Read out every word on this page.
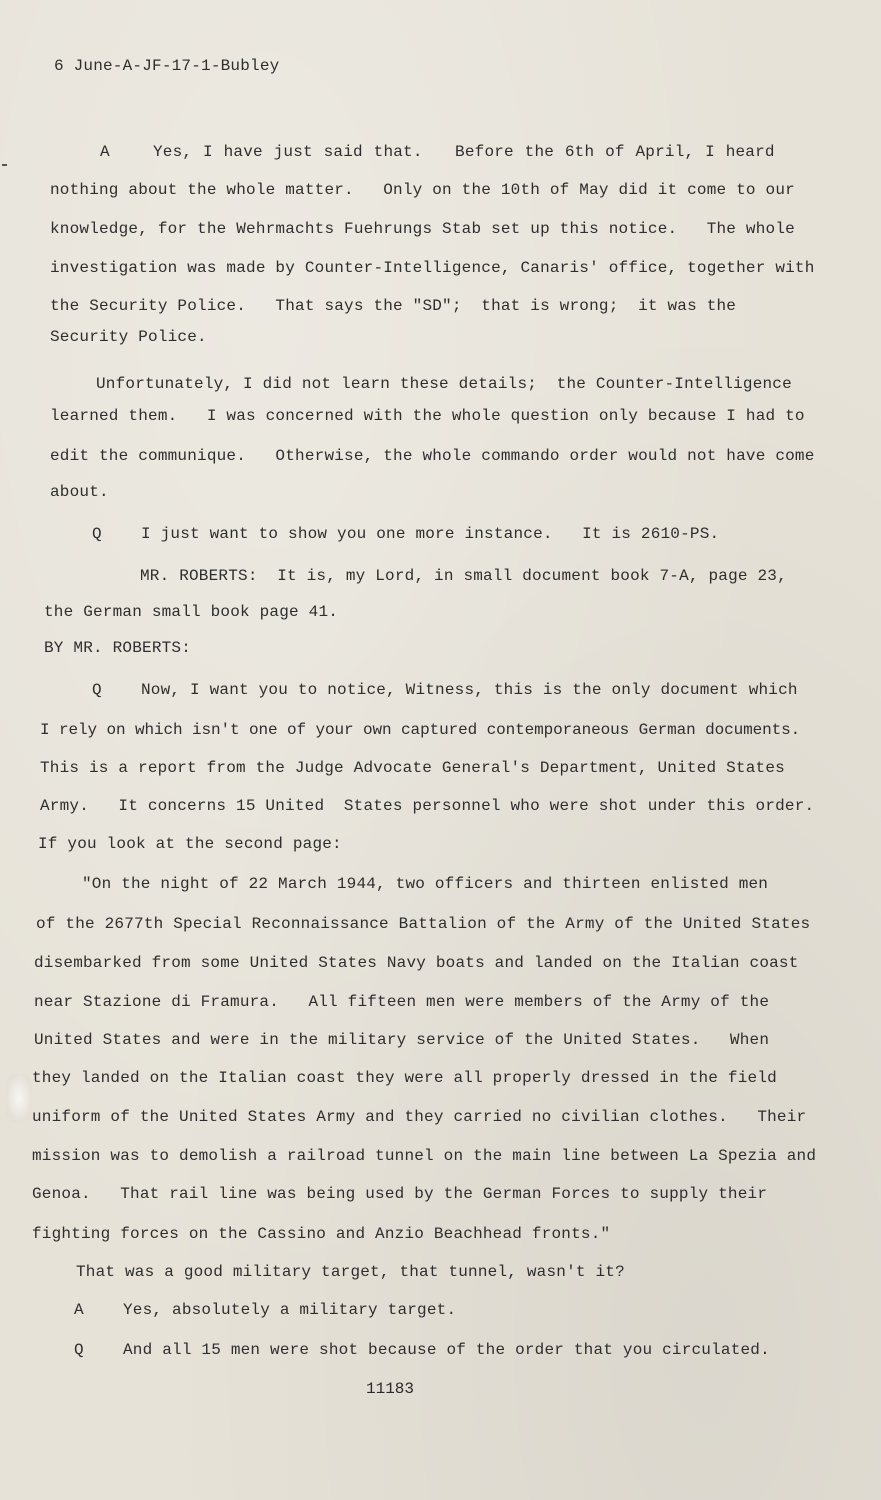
6 June-A-JF-17-1-Bubley
A    Yes, I have just said that.   Before the 6th of April, I heard
nothing about the whole matter.   Only on the 10th of May did it come to our
knowledge, for the Wehrmachts Fuehrungs Stab set up this notice.   The whole
investigation was made by Counter-Intelligence, Canaris' office, together with
the Security Police.   That says the "SD";  that is wrong;  it was the
Security Police.
Unfortunately, I did not learn these details;  the Counter-Intelligence
learned them.   I was concerned with the whole question only because I had to
edit the communique.   Otherwise, the whole commando order would not have come
about.
Q    I just want to show you one more instance.   It is 2610-PS.
MR. ROBERTS:  It is, my Lord, in small document book 7-A, page 23,
the German small book page 41.
BY MR. ROBERTS:
Q    Now, I want you to notice, Witness, this is the only document which
I rely on which isn't one of your own captured contemporaneous German documents.
This is a report from the Judge Advocate General's Department, United States
Army.   It concerns 15 United  States personnel who were shot under this order.
If you look at the second page:
"On the night of 22 March 1944, two officers and thirteen enlisted men
of the 2677th Special Reconnaissance Battalion of the Army of the United States
disembarked from some United States Navy boats and landed on the Italian coast
near Stazione di Framura.   All fifteen men were members of the Army of the
United States and were in the military service of the United States.   When
they landed on the Italian coast they were all properly dressed in the field
uniform of the United States Army and they carried no civilian clothes.   Their
mission was to demolish a railroad tunnel on the main line between La Spezia and
Genoa.   That rail line was being used by the German Forces to supply their
fighting forces on the Cassino and Anzio Beachhead fronts."
That was a good military target, that tunnel, wasn't it?
A    Yes, absolutely a military target.
Q    And all 15 men were shot because of the order that you circulated.
11183
